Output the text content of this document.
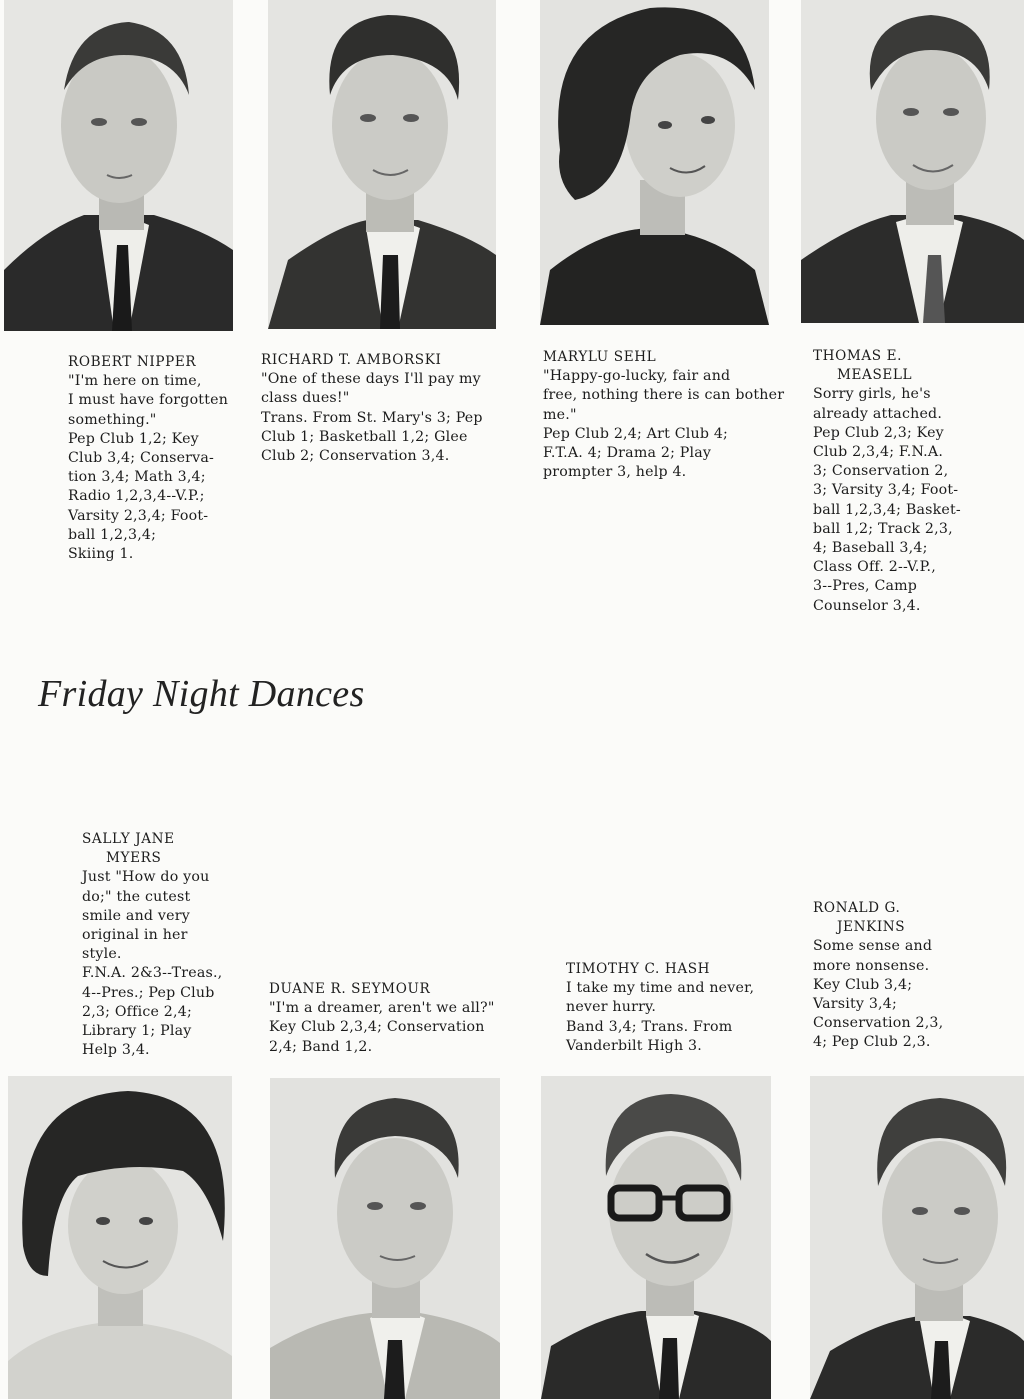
ROBERT NIPPER
"I'm here on time,
I must have forgotten
something."
Pep Club 1,2; Key
Club 3,4; Conserva-
tion 3,4; Math 3,4;
Radio 1,2,3,4--V.P.;
Varsity 2,3,4; Foot-
ball 1,2,3,4;
Skiing 1.
RICHARD T. AMBORSKI
"One of these days I'll pay my
class dues!"
Trans. From St. Mary's 3; Pep
Club 1; Basketball 1,2; Glee
Club 2; Conservation 3,4.
MARYLU SEHL
"Happy-go-lucky, fair and
free, nothing there is can bother
me."
Pep Club 2,4; Art Club 4;
F.T.A. 4; Drama 2; Play
prompter 3, help 4.
THOMAS E.
MEASELL
Sorry girls, he's
already attached.
Pep Club 2,3; Key
Club 2,3,4; F.N.A.
3; Conservation 2,
3; Varsity 3,4; Foot-
ball 1,2,3,4; Basket-
ball 1,2; Track 2,3,
4; Baseball 3,4;
Class Off. 2--V.P.,
3--Pres, Camp
Counselor 3,4.
Friday Night Dances
SALLY JANE
MYERS
Just "How do you
do;" the cutest
smile and very
original in her
style.
F.N.A. 2&3--Treas.,
4--Pres.; Pep Club
2,3; Office 2,4;
Library 1; Play
Help 3,4.
DUANE R. SEYMOUR
"I'm a dreamer, aren't we all?"
Key Club 2,3,4; Conservation
2,4; Band 1,2.
TIMOTHY C. HASH
I take my time and never,
never hurry.
Band 3,4; Trans. From
Vanderbilt High 3.
RONALD G.
JENKINS
Some sense and
more nonsense.
Key Club 3,4;
Varsity 3,4;
Conservation 2,3,
4; Pep Club 2,3.
